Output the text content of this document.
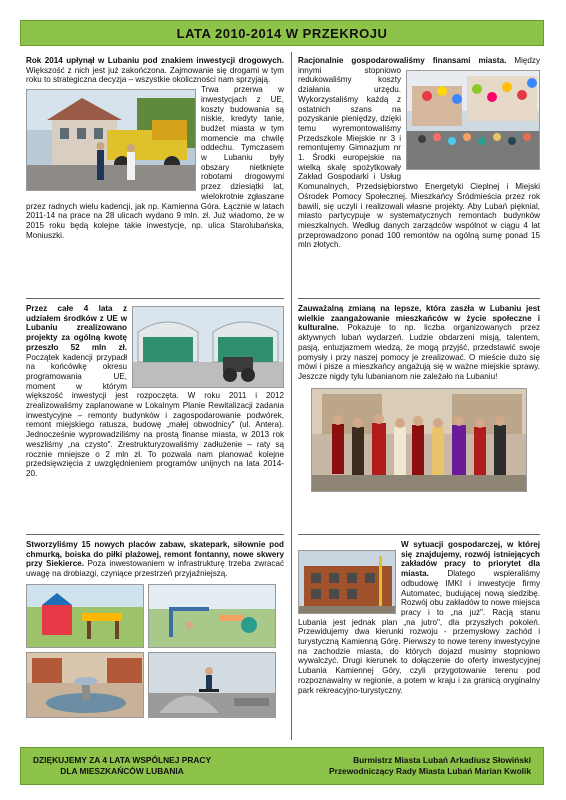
LATA 2010-2014 W PRZEKROJU
Rok 2014 upłynął w Lubaniu pod znakiem inwestycji drogowych. Większość z nich jest już zakończona. Zajmowanie się drogami w tym roku to strategiczna decyzja – wszystkie okoliczności nam sprzyjają.
Trwa przerwa w inwestycjach z UE, koszty budowania są niskie, kredyty tanie, budżet miasta w tym momencie ma chwilę oddechu. Tymczasem w Lubaniu były obszary nietknięte robotami drogowymi przez dziesiątki lat, wielokrotnie zgłaszane przez radnych wielu kadencji, jak np. Kamienna Góra. Łącznie w latach 2011-14 na prace na 28 ulicach wydano 9 mln. zł. Już wiadomo, że w 2015 roku będą kolejne takie inwestycje, np. ulica Starolubańska, Moniuszki.
Racjonalnie gospodarowaliśmy finansami miasta.
Między innymi stopniowo redukowaliśmy koszty działania urzędu. Wykorzystaliśmy każdą z ostatnich szans na pozyskanie pieniędzy, dzięki temu wyremontowaliśmy Przedszkole Miejskie nr 3 i remontujemy Gimnazjum nr 1. Środki europejskie na wielką skalę spożytkowały Zakład Gospodarki i Usług Komunalnych, Przedsiębiorstwo Energetyki Cieplnej i Miejski Ośrodek Pomocy Społecznej. Mieszkańcy Śródmieścia przez rok bawili, się uczyli i realizowali własne projekty. Aby Lubań pięknial, miasto partycypuje w systematycznych remontach budynków mieszkalnych. Według danych zarządców wspólnot w ciągu 4 lat przeprowadzono ponad 100 remontów na ogólną sumę ponad 15 mln złotych.
Przez całe 4 lata z udziałem środków z UE w Lubaniu zrealizowano projekty za ogólną kwotę przeszło 52 mln zł. Początek kadencji przypadł na końcówkę okresu programowania UE, moment w którym większość inwestycji jest rozpoczęta. W roku 2011 i 2012 zrealizowaliśmy zaplanowane w Lokalnym Planie Rewitalizacji zadania inwestycyjne – remonty budynków i zagospodarowanie podwórek, remont miejskiego ratusza, budowę „małej obwodnicy" (ul. Antera). Jednocześnie wyprowadziliśmy na prostą finanse miasta, w 2013 rok weszliśmy „na czysto". Zrestrukturyzowaliśmy zadłużenie – raty są rocznie mniejsze o 2 mln zł. To pozwala nam planować kolejne przedsięwzięcia z uwzględnieniem programów unijnych na lata 2014-20.
Zauważalną zmianą na lepsze, która zaszła w Lubaniu jest wielkie zaangażowanie mieszkańców w życie społeczne i kulturalne. Pokazuje to np. liczba organizowanych przez aktywnych lubań wydarzeń. Ludzie obdarzeni misją, talentem, pasją, entuzjazmem wiedzą, że mogą przyjść, przedstawić swoje pomysły i przy naszej pomocy je zrealizować. O mieście dużo się mówi i pisze a mieszkańcy angażują się w ważne miejskie sprawy. Jeszcze nigdy tylu lubanianom nie zależało na Lubaniu!
Stworzyliśmy 15 nowych placów zabaw, skatepark, siłownie pod chmurką, boiska do piłki plażowej, remont fontanny, nowe skwery przy Siekierce. Poza inwestowaniem w infrastrukturę trzeba zwracać uwagę na drobiazgi, czyniące przestrzeń przyjaźniejszą.
W sytuacji gospodarczej, w której się znajdujemy, rozwój istniejących zakładów pracy to priorytet dla miasta. Dlatego wspieraliśmy odbudowę IMKI i inwestycje firmy Automatec, budującej nową siedzibę. Rozwój obu zakładów to nowe miejsca pracy i to „na już". Racją stanu Lubania jest jednak plan „na jutro", dla przyszłych pokoleń. Przewidujemy dwa kierunki rozwoju - przemysłowy zachód i turystyczną Kamienną Górę. Pierwszy to nowe tereny inwestycyjne na zachodzie miasta, do których dojazd musimy stopniowo wywalczyć. Drugi kierunek to dołączenie do oferty inwestycyjnej Lubania Kamiennej Góry, czyli przygotowanie terenu pod rozpoznawalny w regionie, a potem w kraju i za granicą oryginalny park rekreacyjno-turystyczny.
DZIĘKUJEMY ZA 4 LATA WSPÓLNEJ PRACY
DLA MIESZKAŃCÓW LUBANIA
Burmistrz Miasta Lubań Arkadiusz Słowiński
Przewodniczący Rady Miasta Lubań Marian Kwolik
